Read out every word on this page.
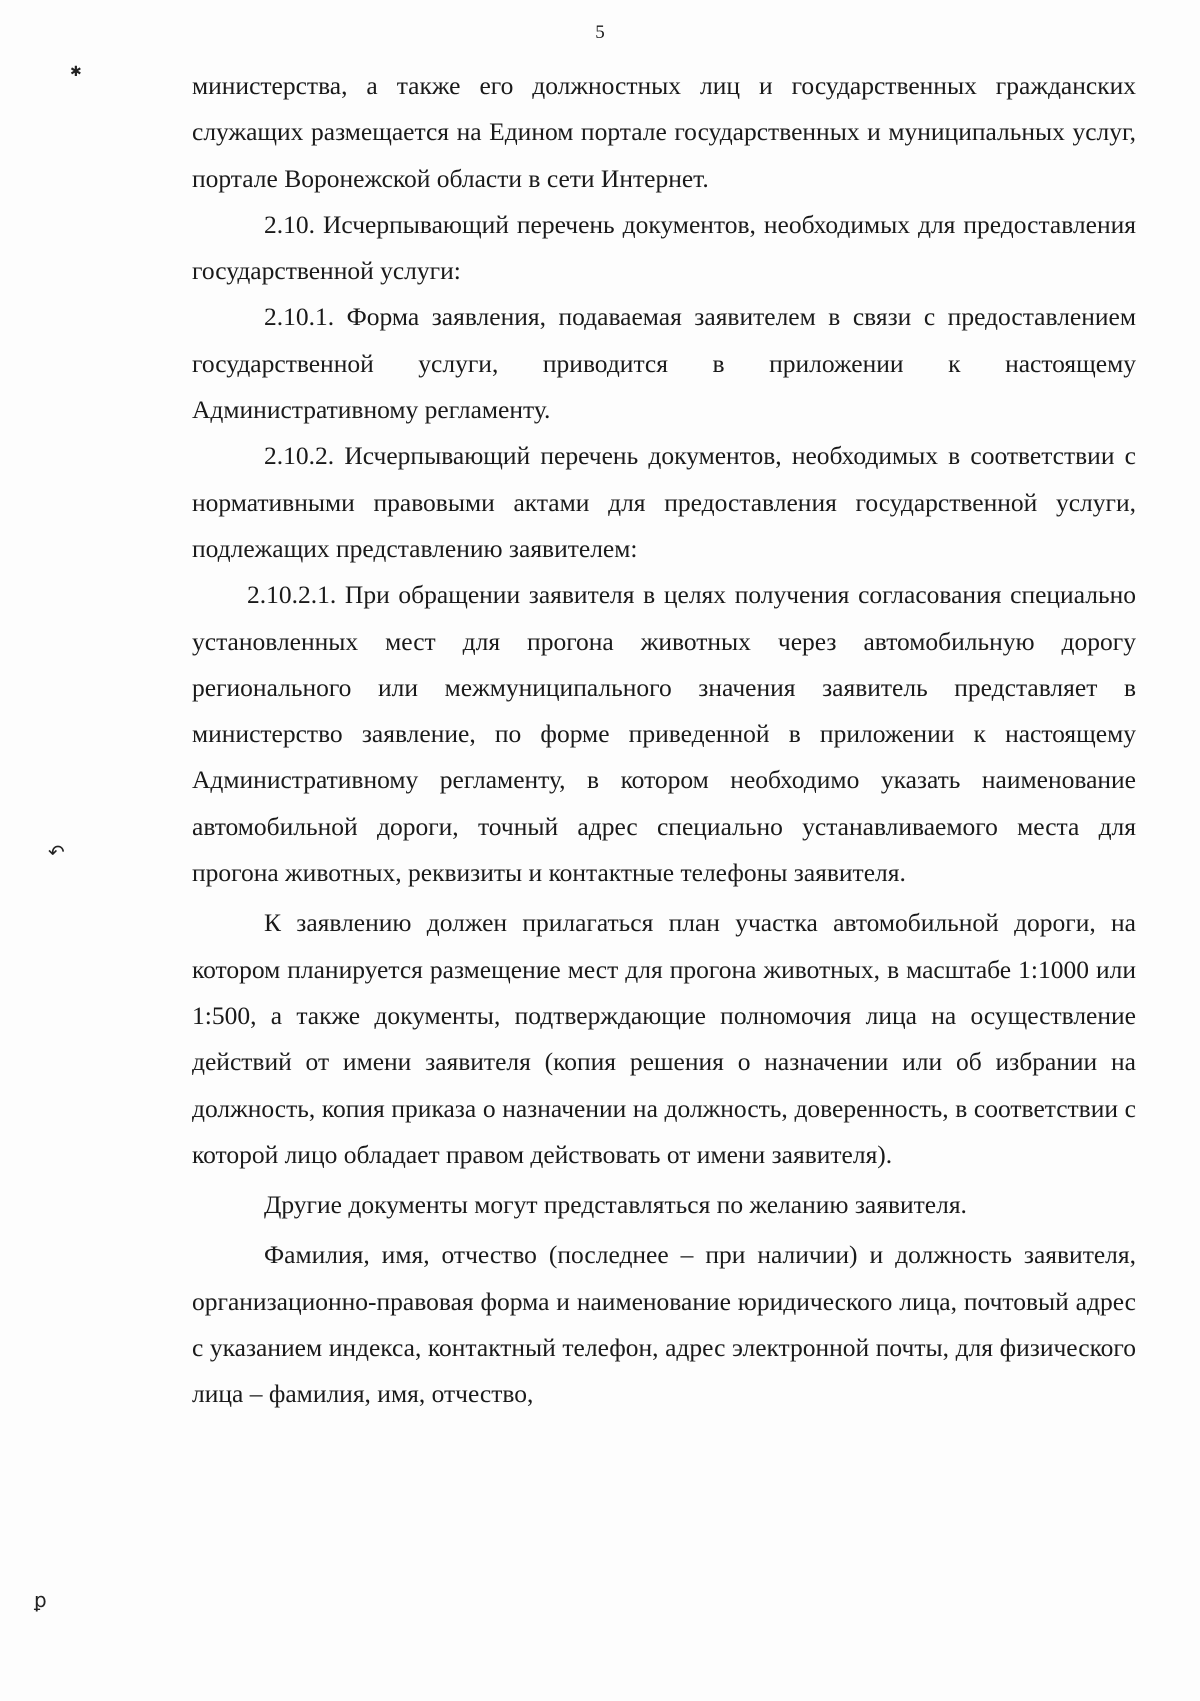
5
✱
↶
ꝑ

министерства, а также его должностных лиц и государственных гражданских служащих размещается на Едином портале государственных и муниципальных услуг, портале Воронежской области в сети Интернет.

2.10. Исчерпывающий перечень документов, необходимых для предоставления государственной услуги:

2.10.1. Форма заявления, подаваемая заявителем в связи с предоставлением государственной услуги, приводится в приложении к настоящему Административному регламенту.

2.10.2. Исчерпывающий перечень документов, необходимых в соответствии с нормативными правовыми актами для предоставления государственной услуги, подлежащих представлению заявителем:

2.10.2.1. При обращении заявителя в целях получения согласования специально установленных мест для прогона животных через автомобильную дорогу регионального или межмуниципального значения заявитель представляет в министерство заявление, по форме приведенной в приложении к настоящему Административному регламенту, в котором необходимо указать наименование автомобильной дороги, точный адрес специально устанавливаемого места для прогона животных, реквизиты и контактные телефоны заявителя.

К заявлению должен прилагаться план участка автомобильной дороги, на котором планируется размещение мест для прогона животных, в масштабе 1:1000 или 1:500, а также документы, подтверждающие полномочия лица на осуществление действий от имени заявителя (копия решения о назначении или об избрании на должность, копия приказа о назначении на должность, доверенность, в соответствии с которой лицо обладает правом действовать от имени заявителя).

Другие документы могут представляться по желанию заявителя.

Фамилия, имя, отчество (последнее – при наличии) и должность заявителя, организационно-правовая форма и наименование юридического лица, почтовый адрес с указанием индекса, контактный телефон, адрес электронной почты, для физического лица – фамилия, имя, отчество,
